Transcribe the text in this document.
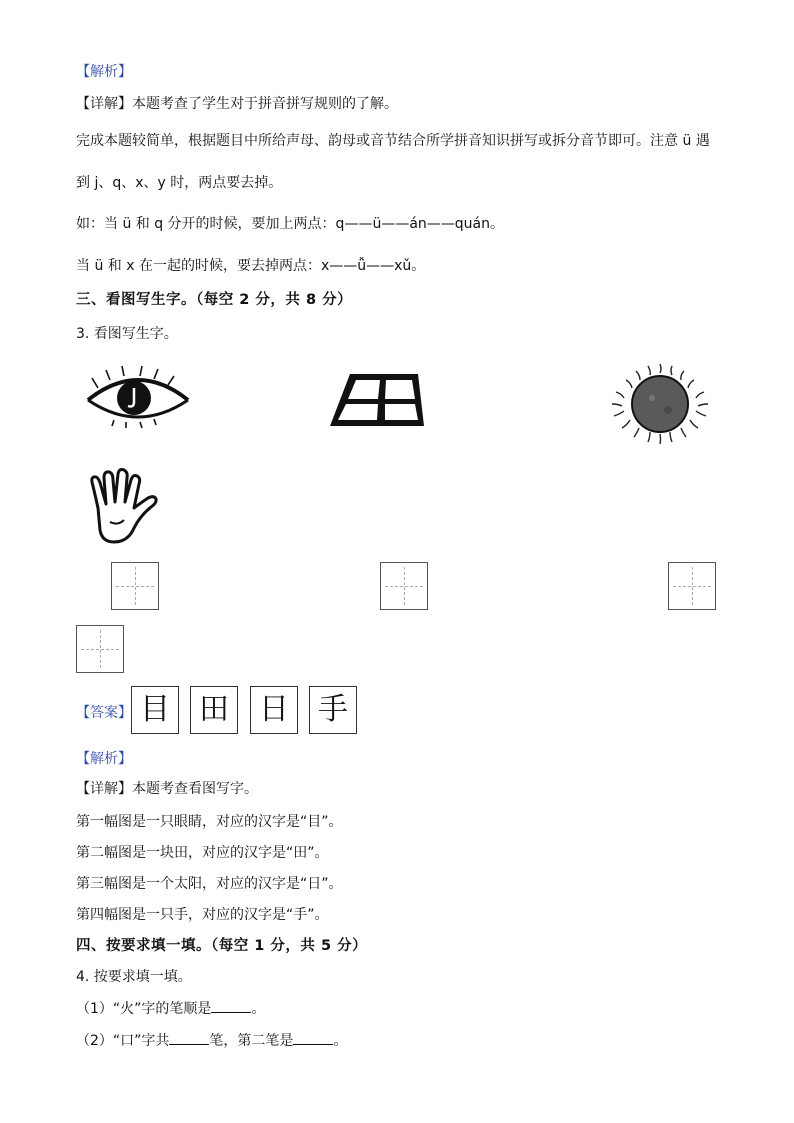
【解析】
【详解】本题考查了学生对于拼音拼写规则的了解。
完成本题较简单，根据题目中所给声母、韵母或音节结合所学拼音知识拼写或拆分音节即可。注意 ü 遇
到 j、q、x、y 时，两点要去掉。
如：当 ü 和 q 分开的时候，要加上两点：q——ü——án——quán。
当 ü 和 x 在一起的时候，要去掉两点：x——ǚ——xǔ。
三、看图写生字。（每空 2 分，共 8 分）
3. 看图写生字。
【答案】 目 田	日 手
【解析】
【详解】本题考查看图写字。
第一幅图是一只眼睛，对应的汉字是“目”。
第二幅图是一块田，对应的汉字是“田”。
第三幅图是一个太阳，对应的汉字是“日”。
第四幅图是一只手，对应的汉字是“手”。
四、按要求填一填。（每空 1 分，共 5 分）
4. 按要求填一填。
（1）“火”字的笔顺是	。
（2）“口”字共	笔，第二笔是	。
